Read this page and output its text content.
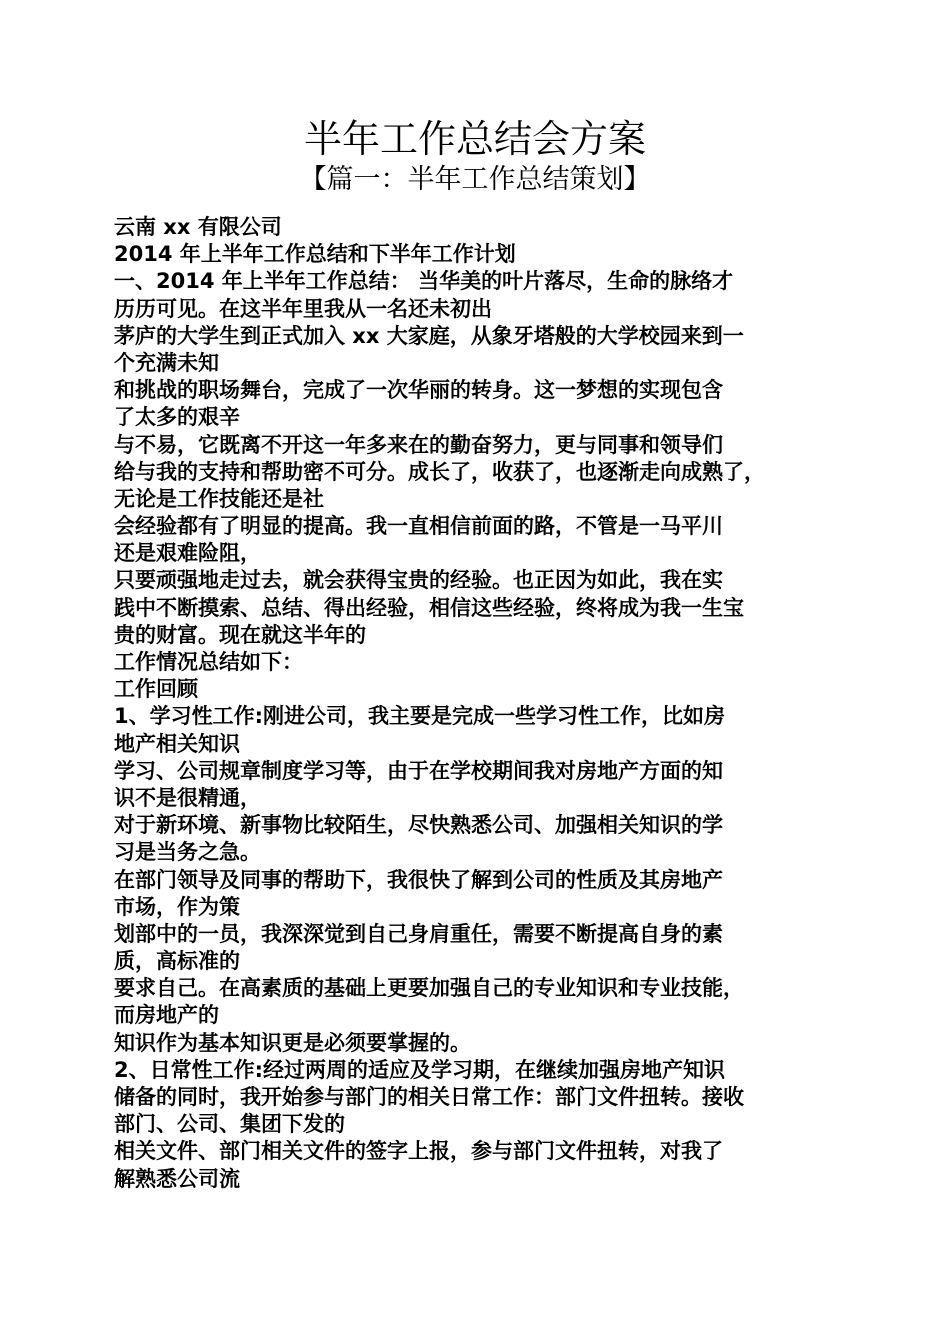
半年工作总结会方案
【篇一：半年工作总结策划】
云南 xx 有限公司
2014 年上半年工作总结和下半年工作计划
一、2014 年上半年工作总结： 当华美的叶片落尽，生命的脉络才
历历可见。在这半年里我从一名还未初出
茅庐的大学生到正式加入 xx 大家庭，从象牙塔般的大学校园来到一
个充满未知
和挑战的职场舞台，完成了一次华丽的转身。这一梦想的实现包含
了太多的艰辛
与不易，它既离不开这一年多来在的勤奋努力，更与同事和领导们
给与我的支持和帮助密不可分。成长了，收获了，也逐渐走向成熟了，
无论是工作技能还是社
会经验都有了明显的提高。我一直相信前面的路，不管是一马平川
还是艰难险阻，
只要顽强地走过去，就会获得宝贵的经验。也正因为如此，我在实
践中不断摸索、总结、得出经验，相信这些经验，终将成为我一生宝
贵的财富。现在就这半年的
工作情况总结如下：
工作回顾
1、学习性工作:刚进公司，我主要是完成一些学习性工作，比如房
地产相关知识
学习、公司规章制度学习等，由于在学校期间我对房地产方面的知
识不是很精通，
对于新环境、新事物比较陌生，尽快熟悉公司、加强相关知识的学
习是当务之急。
在部门领导及同事的帮助下，我很快了解到公司的性质及其房地产
市场，作为策
划部中的一员，我深深觉到自己身肩重任，需要不断提高自身的素
质，高标准的
要求自己。在高素质的基础上更要加强自己的专业知识和专业技能，
而房地产的
知识作为基本知识更是必须要掌握的。
2、日常性工作:经过两周的适应及学习期，在继续加强房地产知识
储备的同时，我开始参与部门的相关日常工作：部门文件扭转。接收
部门、公司、集团下发的
相关文件、部门相关文件的签字上报，参与部门文件扭转，对我了
解熟悉公司流
